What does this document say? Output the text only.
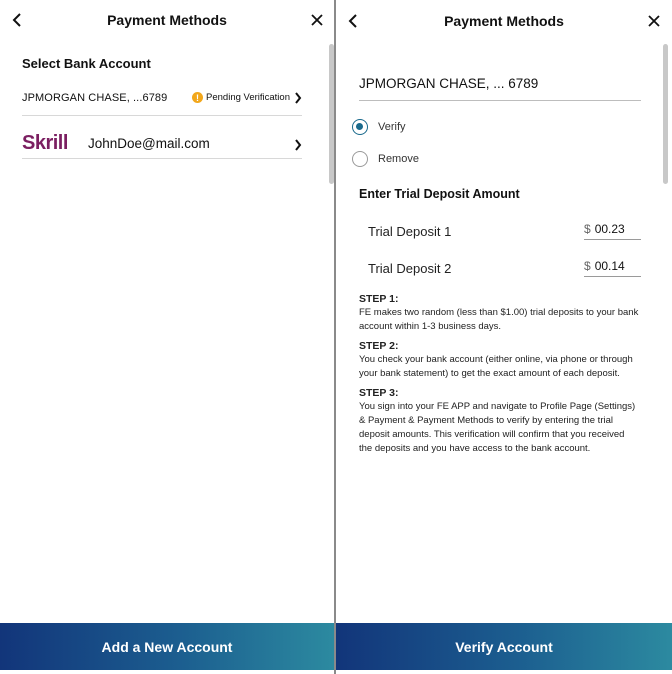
Payment Methods
Select Bank Account
JPMORGAN CHASE, ...6789	! Pending Verification
Skrill JohnDoe@mail.com
Add a New Account
Payment Methods
JPMORGAN CHASE, ... 6789
Verify
Remove
Enter Trial Deposit Amount
Trial Deposit 1	$ 00.23
Trial Deposit 2	$ 00.14
STEP 1:
FE makes two random (less than $1.00) trial deposits to your bank account within 1-3 business days.
STEP 2:
You check your bank account (either online, via phone or through your bank statement) to get the exact amount of each deposit.
STEP 3:
You sign into your FE APP and navigate to Profile Page (Settings) & Payment & Payment Methods to verify by entering the trial deposit amounts. This verification will confirm that you received the deposits and you have access to the bank account.
Verify Account
